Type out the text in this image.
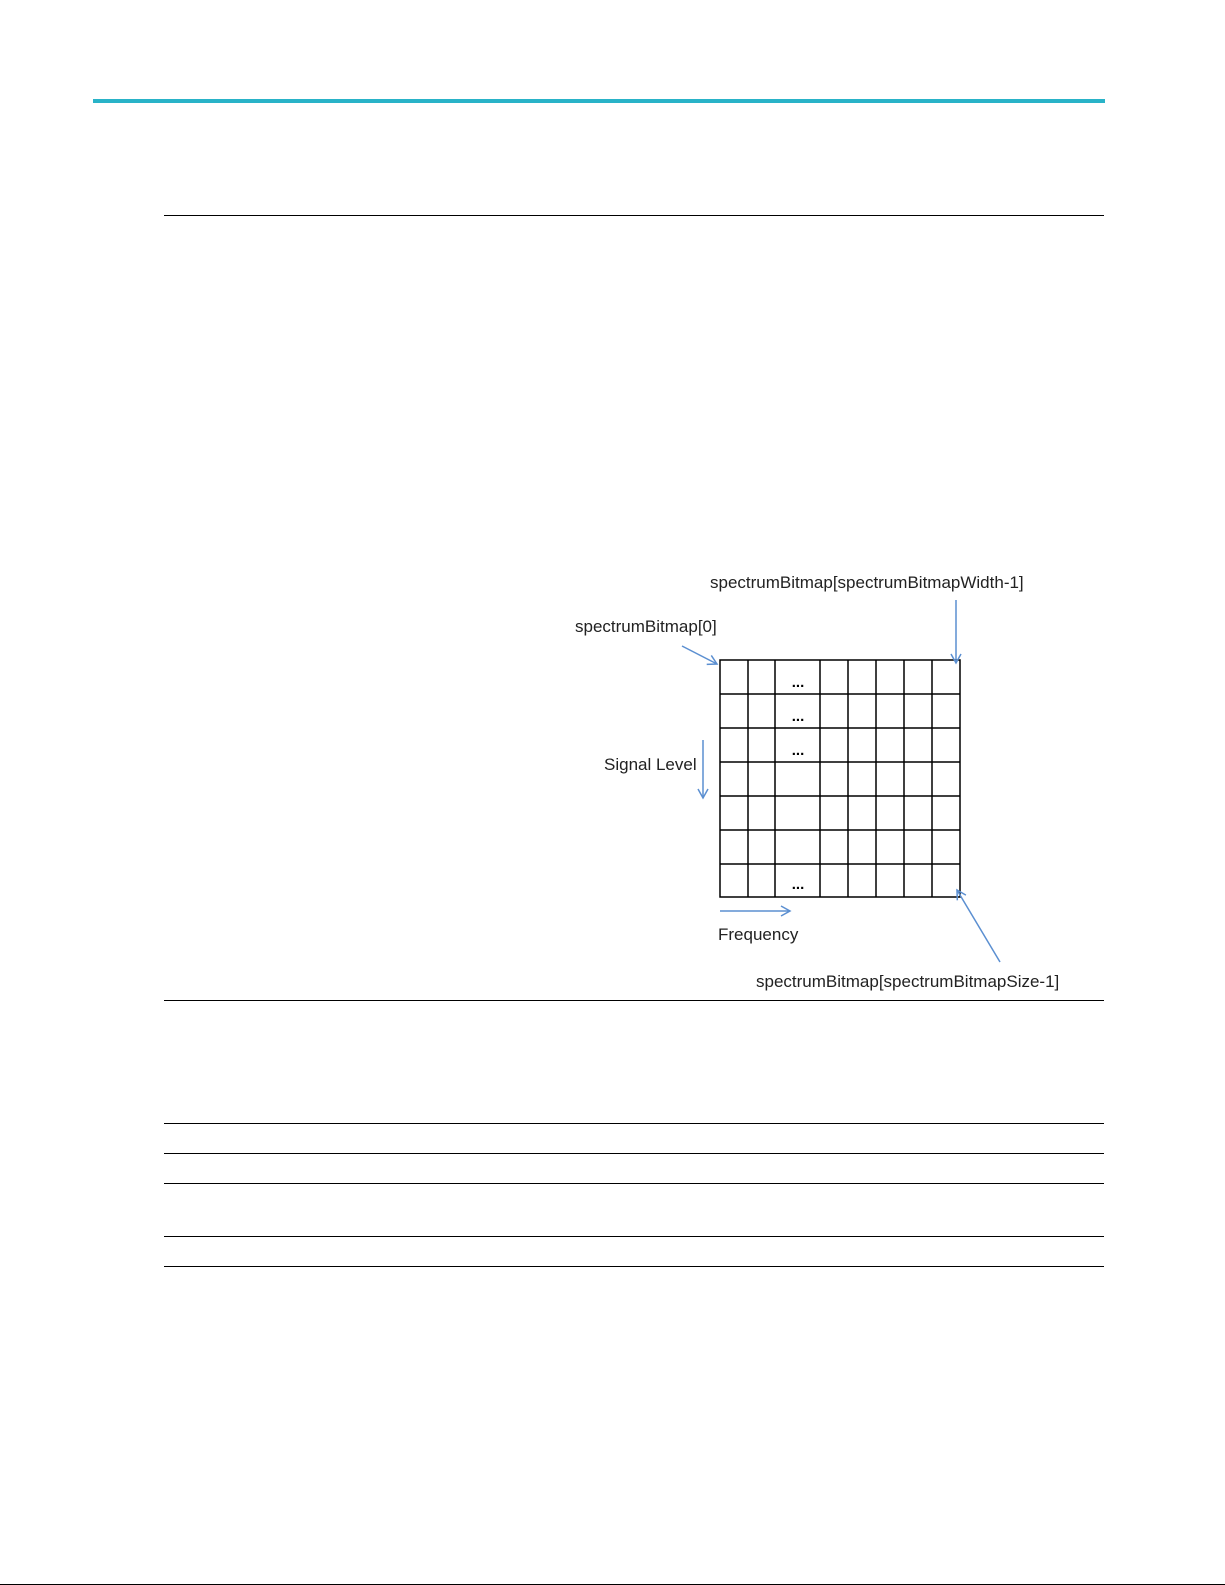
...
...
...
...
spectrumBitmap[spectrumBitmapWidth-1]
spectrumBitmap[0]
Signal Level
Frequency
spectrumBitmap[spectrumBitmapSize-1]
